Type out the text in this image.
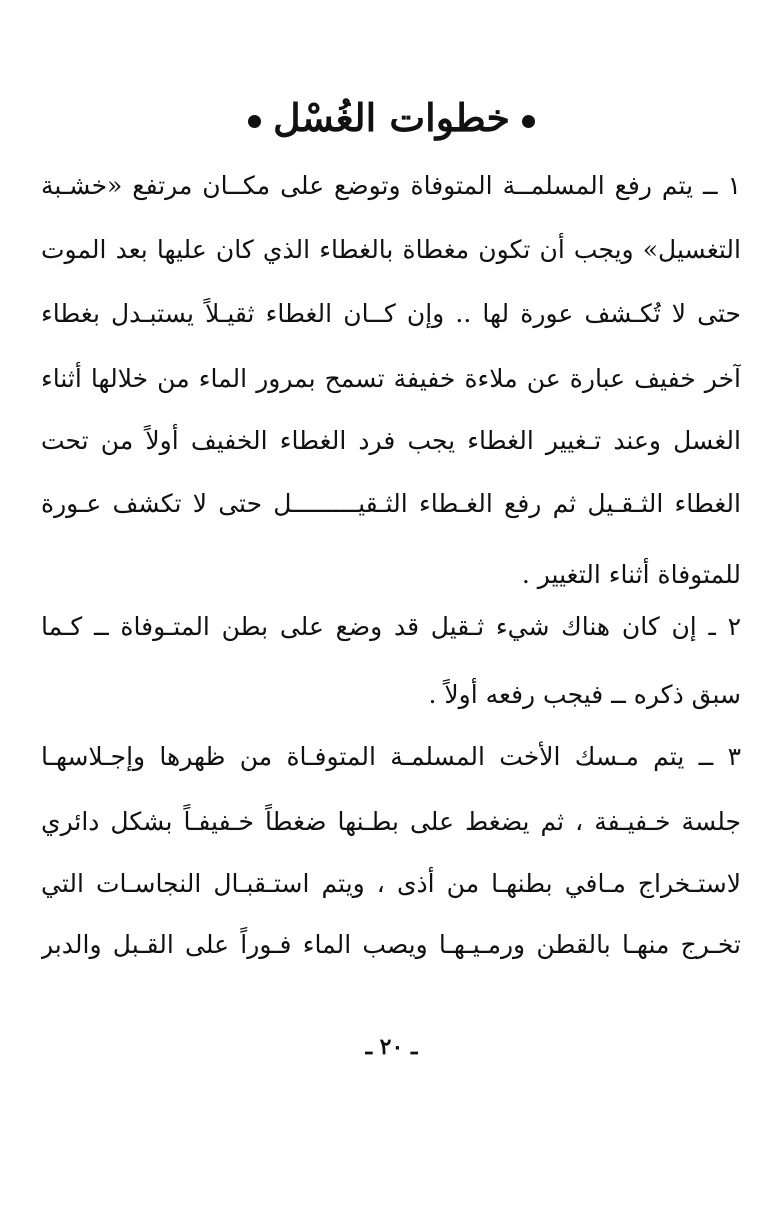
خطوات الغُسْل
١ ــ يتم رفع المسلمــة المتوفاة وتوضع على مكــان مرتفع «خشـبة
التغسيل» ويجب أن تكون مغطاة بالغطاء الذي كان عليها بعد الموت
حتى لا تُكـشف عورة لها .. وإن كــان الغطاء ثقيـلاً يستبـدل بغطاء
آخر خفيف عبارة عن ملاءة خفيفة تسمح بمرور الماء من خلالها أثناء
الغسل وعند تـغيير الغطاء يجب فرد الغطاء الخفيف أولاً من تحت
الغطاء الثـقـيل ثم رفع الغـطاء الثـقيـــــــــل حتى لا تكشف عـورة
للمتوفاة أثناء التغيير .
٢ ـ إن كان هناك شيء ثـقيل قد وضع على بطن المتـوفاة ــ كـما
سبق ذكره ــ فيجب رفعه أولاً .
٣ ــ يتم مـسك الأخت المسلمـة المتوفـاة من ظهرها وإجـلاسهـا
جلسة خـفيـفة ، ثم يضغط على بطـنها ضغطاً خـفيفـاً بشكل دائري
لاستـخراج مـافي بطنهـا من أذى ، ويتم استـقبـال النجاسـات التي
تخـرج منهـا بالقطن ورمـيـهـا ويصب الماء فـوراً على القـبل والدبر
ـ ٢٠ ـ
